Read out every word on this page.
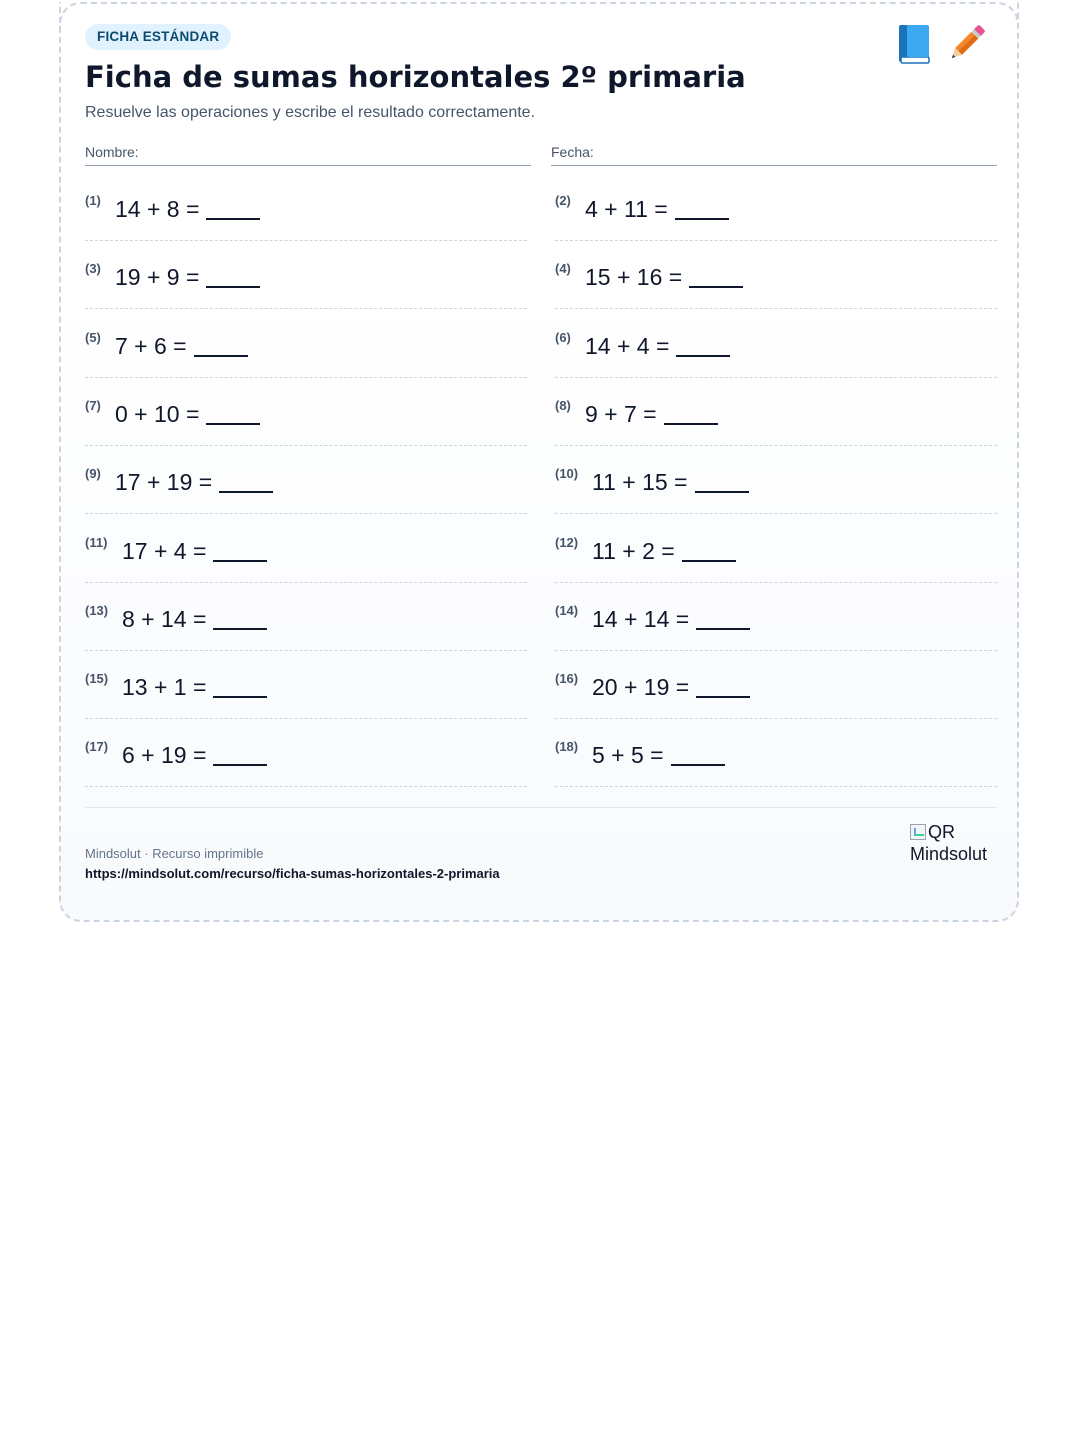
FICHA ESTÁNDAR
Ficha de sumas horizontales 2º primaria
Resuelve las operaciones y escribe el resultado correctamente.
Nombre:	Fecha:
(1) 14 + 8 =	(2) 4 + 11 =
(3) 19 + 9 =	(4) 15 + 16 =
(5) 7 + 6 =	(6) 14 + 4 =
(7) 0 + 10 =	(8) 9 + 7 =
(9) 17 + 19 =	(10) 11 + 15 =
(11) 17 + 4 =	(12) 11 + 2 =
(13) 8 + 14 =	(14) 14 + 14 =
(15) 13 + 1 =	(16) 20 + 19 =
(17) 6 + 19 =	(18) 5 + 5 =
Mindsolut · Recurso imprimible
https://mindsolut.com/recurso/ficha-sumas-horizontales-2-primaria
QR Mindsolut
